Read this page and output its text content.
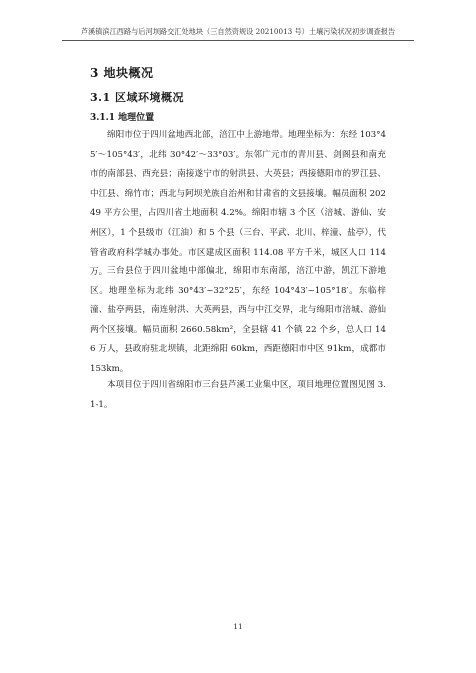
芦溪镇滨江西路与后河坝路交汇处地块（三自然资规设 20210013 号）土壤污染状况初步调查报告
3 地块概况
3.1 区域环境概况
3.1.1 地理位置
绵阳市位于四川盆地西北部，涪江中上游地带。地理坐标为：东经 103°45′～105°43′，北纬 30°42′～33°03′。东邻广元市的青川县、剑阁县和南充市的南部县、西充县；南接遂宁市的射洪县、大英县；西接德阳市的罗江县、中江县、绵竹市；西北与阿坝羌族自治州和甘肃省的文县接壤。幅员面积 20249 平方公里，占四川省土地面积 4.2%。绵阳市辖 3 个区（涪城、游仙、安州区），1 个县级市（江油）和 5 个县（三台、平武、北川、梓潼、盐亭），代管省政府科学城办事处。市区建成区面积 114.08 平方千米，城区人口 114 万。 三台县位于四川盆地中部偏北，绵阳市东南部，涪江中游，凯江下游地区。地理坐标为北纬 30°43′~32°25′，东经 104°43′~105°18′。东临梓潼、盐亭两县，南连射洪、大英两县，西与中江交界，北与绵阳市涪城、游仙两个区接壤。幅员面积 2660.58km²，全县辖 41 个镇 22 个乡，总人口 146 万人，县政府驻北坝镇，北距绵阳 60km，西距德阳市中区 91km，成都市 153km。
本项目位于四川省绵阳市三台县芦溪工业集中区，项目地理位置图见图 3.1-1。
11
